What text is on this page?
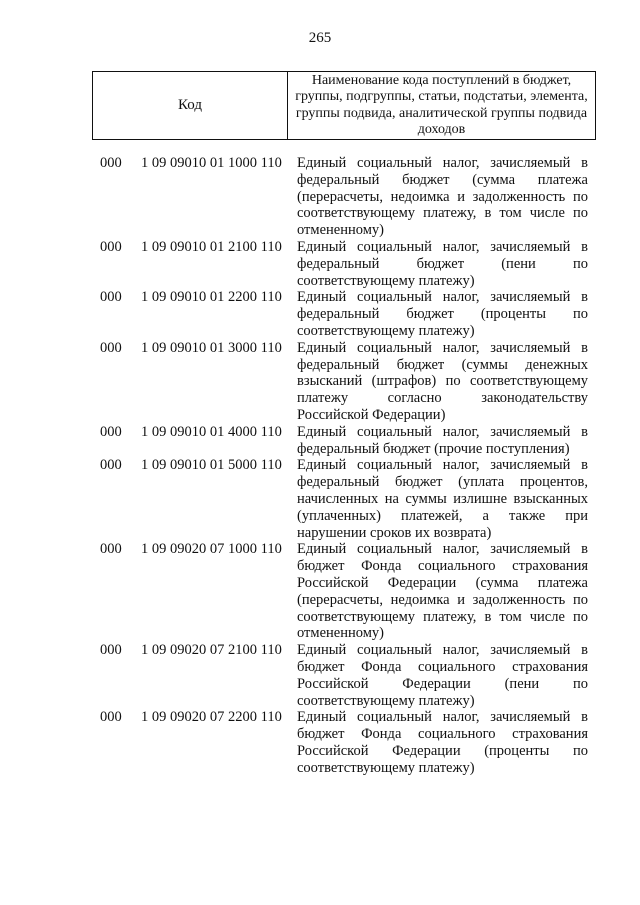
265
Код
Наименование кода поступлений в бюджет, группы, подгруппы, статьи, подстатьи, элемента, группы подвида, аналитической группы подвида доходов
000 1 09 09010 01 1000 110 Единый социальный налог, зачисляемый в федеральный бюджет (сумма платежа (перерасчеты, недоимка и задолженность по соответствующему платежу, в том числе по отмененному)
000 1 09 09010 01 2100 110 Единый социальный налог, зачисляемый в федеральный бюджет (пени по соответствующему платежу)
000 1 09 09010 01 2200 110 Единый социальный налог, зачисляемый в федеральный бюджет (проценты по соответствующему платежу)
000 1 09 09010 01 3000 110 Единый социальный налог, зачисляемый в федеральный бюджет (суммы денежных взысканий (штрафов) по соответствующему платежу согласно законодательству Российской Федерации)
000 1 09 09010 01 4000 110 Единый социальный налог, зачисляемый в федеральный бюджет (прочие поступления)
000 1 09 09010 01 5000 110 Единый социальный налог, зачисляемый в федеральный бюджет (уплата процентов, начисленных на суммы излишне взысканных (уплаченных) платежей, а также при нарушении сроков их возврата)
000 1 09 09020 07 1000 110 Единый социальный налог, зачисляемый в бюджет Фонда социального страхования Российской Федерации (сумма платежа (перерасчеты, недоимка и задолженность по соответствующему платежу, в том числе по отмененному)
000 1 09 09020 07 2100 110 Единый социальный налог, зачисляемый в бюджет Фонда социального страхования Российской Федерации (пени по соответствующему платежу)
000 1 09 09020 07 2200 110 Единый социальный налог, зачисляемый в бюджет Фонда социального страхования Российской Федерации (проценты по соответствующему платежу)
